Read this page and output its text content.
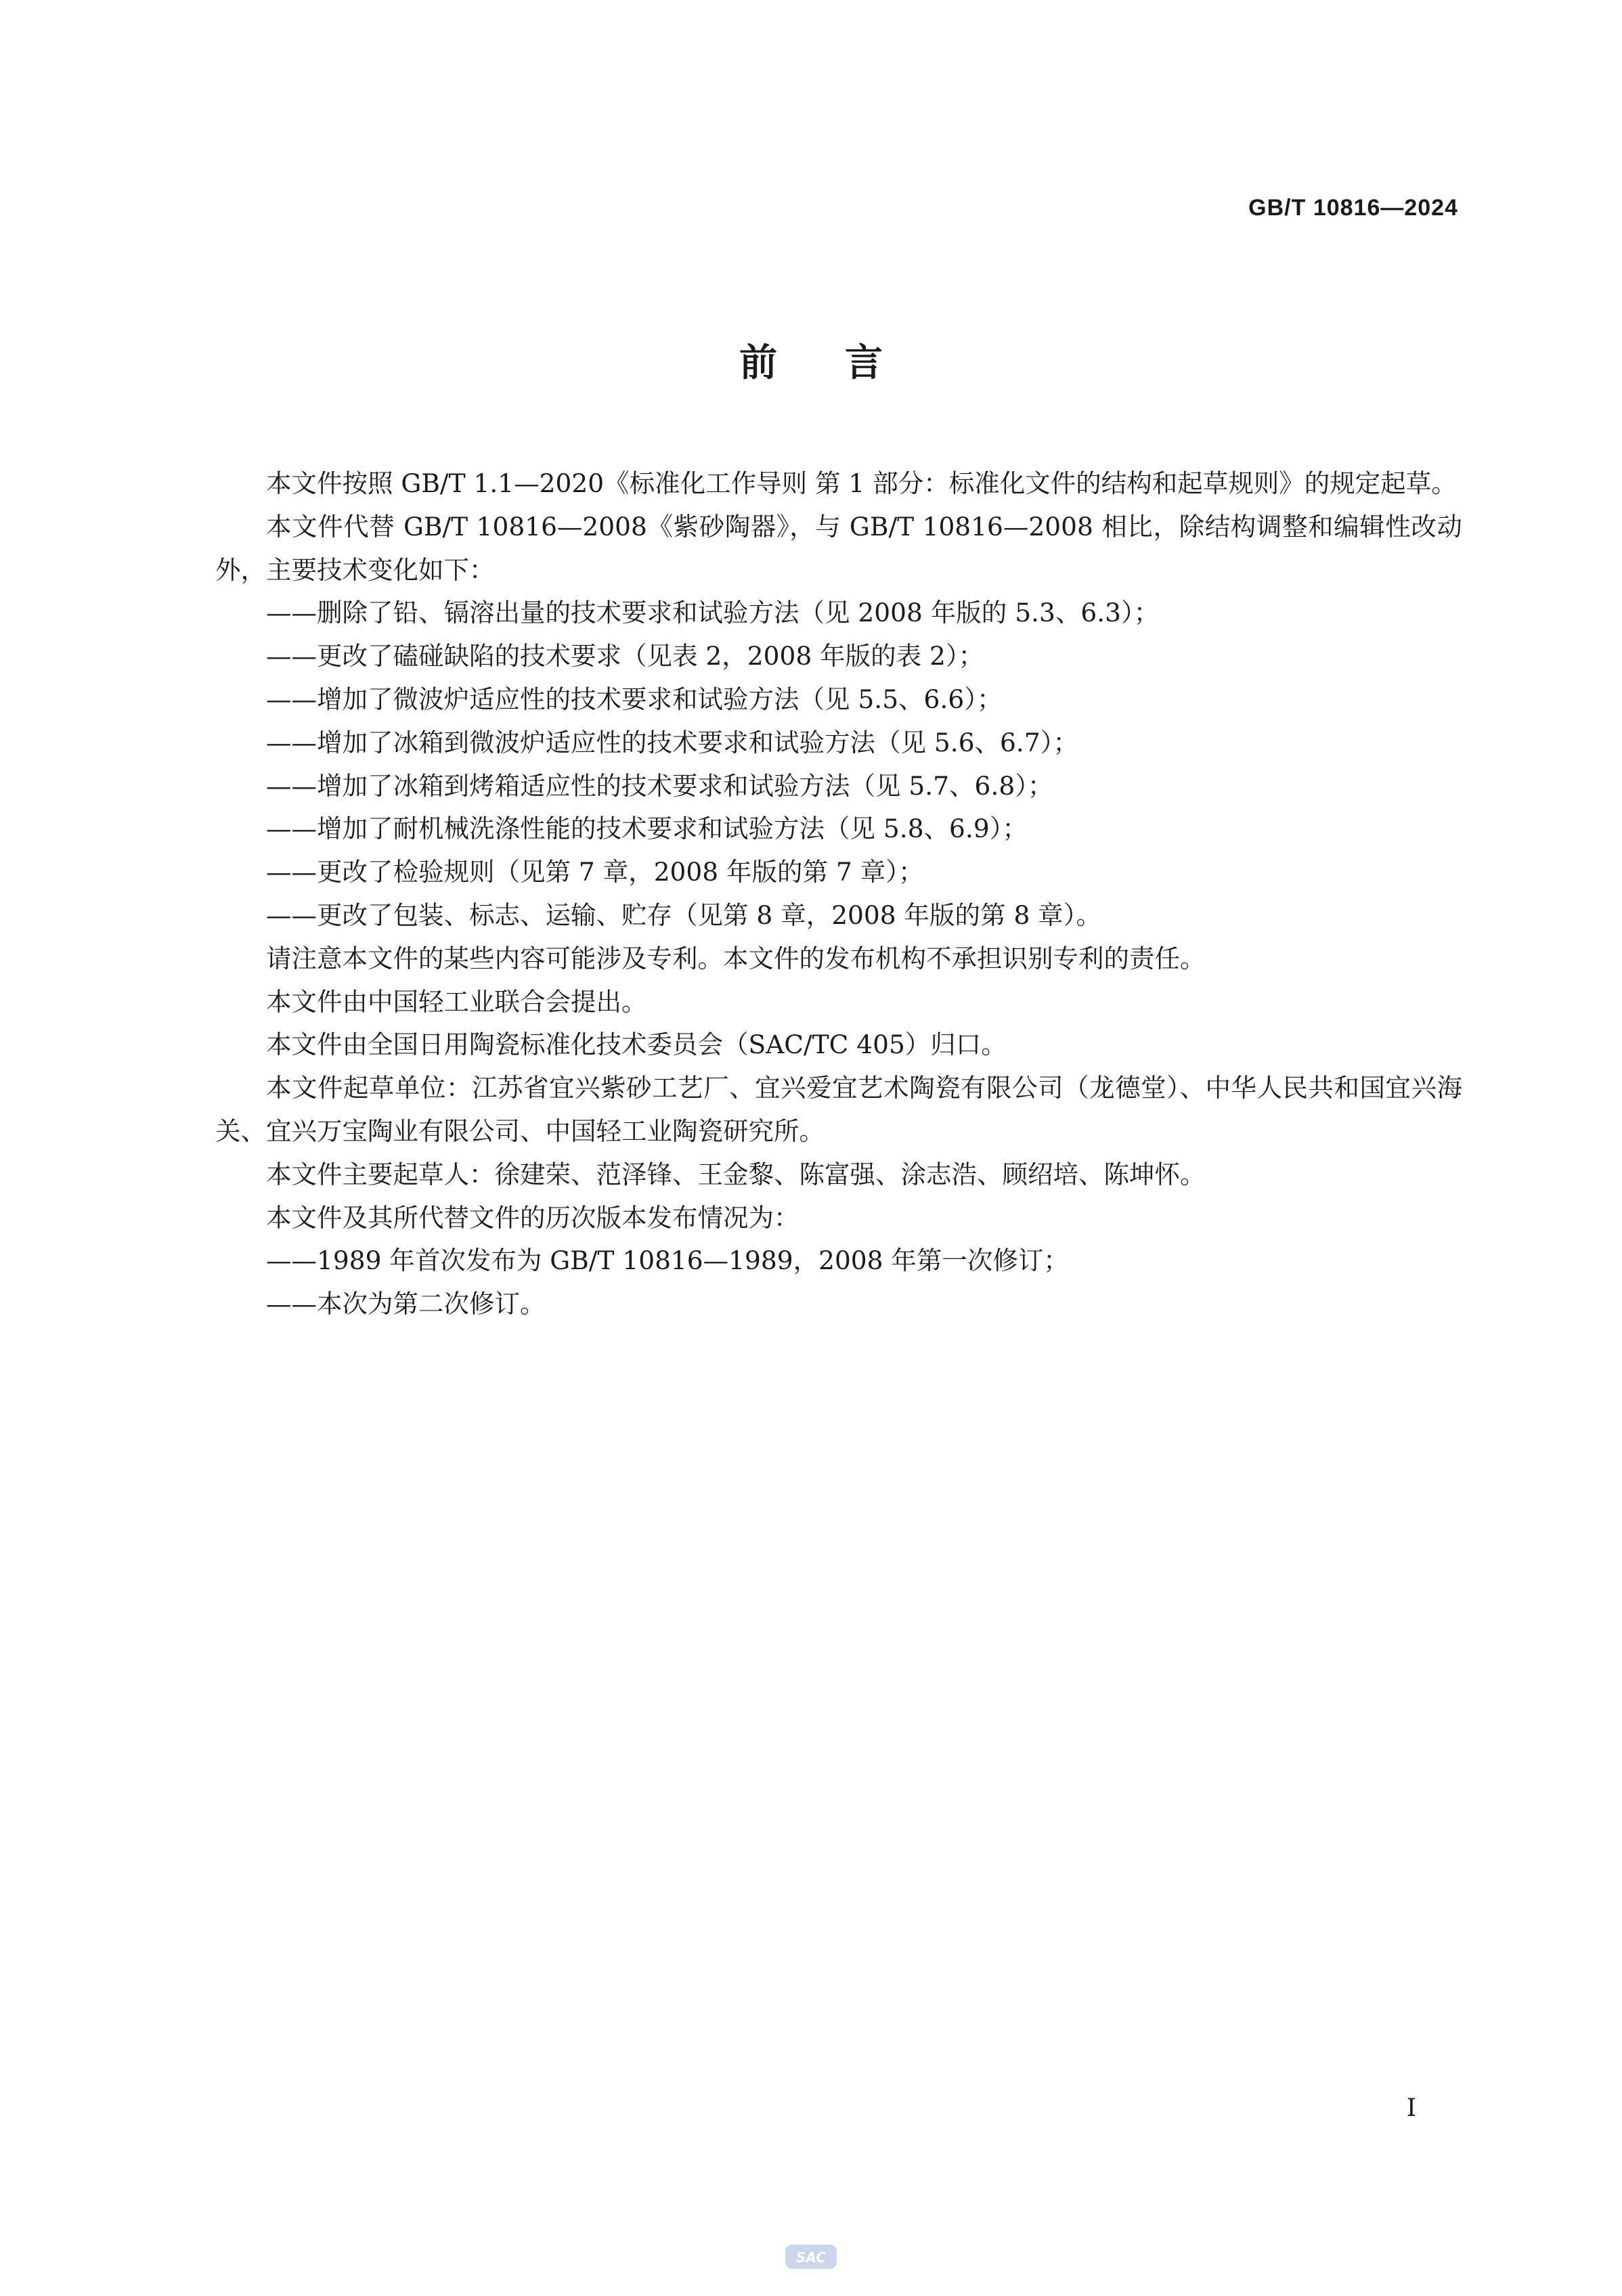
GB/T 10816—2024
前言

本文件按照 GB/T 1.1—2020《标准化工作导则 第 1 部分：标准化文件的结构和起草规则》的规定起草。

本文件代替 GB/T 10816—2008《紫砂陶器》，与 GB/T 10816—2008 相比，除结构调整和编辑性改动外，主要技术变化如下：

——删除了铅、镉溶出量的技术要求和试验方法（见 2008 年版的 5.3、6.3）；

——更改了磕碰缺陷的技术要求（见表 2，2008 年版的表 2）；

——增加了微波炉适应性的技术要求和试验方法（见 5.5、6.6）；

——增加了冰箱到微波炉适应性的技术要求和试验方法（见 5.6、6.7）；

——增加了冰箱到烤箱适应性的技术要求和试验方法（见 5.7、6.8）；

——增加了耐机械洗涤性能的技术要求和试验方法（见 5.8、6.9）；

——更改了检验规则（见第 7 章，2008 年版的第 7 章）；

——更改了包装、标志、运输、贮存（见第 8 章，2008 年版的第 8 章）。

请注意本文件的某些内容可能涉及专利。本文件的发布机构不承担识别专利的责任。

本文件由中国轻工业联合会提出。

本文件由全国日用陶瓷标准化技术委员会（SAC/TC 405）归口。

本文件起草单位：江苏省宜兴紫砂工艺厂、宜兴爱宜艺术陶瓷有限公司（龙德堂）、中华人民共和国宜兴海关、宜兴万宝陶业有限公司、中国轻工业陶瓷研究所。

本文件主要起草人：徐建荣、范泽锋、王金黎、陈富强、涂志浩、顾绍培、陈坤怀。

本文件及其所代替文件的历次版本发布情况为：

——1989 年首次发布为 GB/T 10816—1989，2008 年第一次修订；

——本次为第二次修订。

I
SAC
